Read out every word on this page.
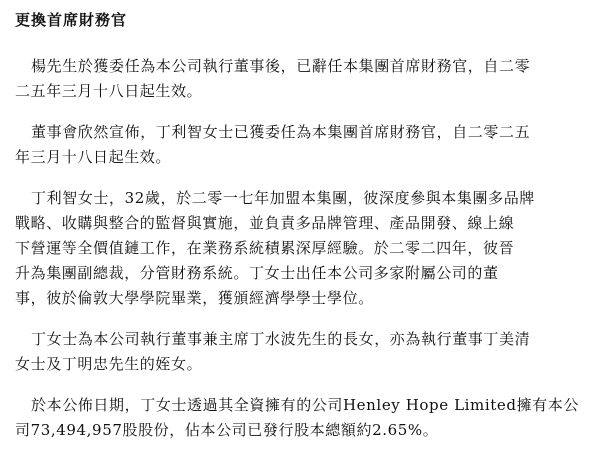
更換首席財務官
楊先生於獲委任為本公司執行董事後，已辭任本集團首席財務官，自二零
二五年三月十八日起生效。
董事會欣然宣佈，丁利智女士已獲委任為本集團首席財務官，自二零二五
年三月十八日起生效。
丁利智女士，32歲，於二零一七年加盟本集團，彼深度參與本集團多品牌
戰略、收購與整合的監督與實施，並負責多品牌管理、產品開發、線上線
下營運等全價值鏈工作，在業務系統積累深厚經驗。於二零二四年，彼晉
升為集團副總裁，分管財務系統。丁女士出任本公司多家附屬公司的董
事，彼於倫敦大學學院畢業，獲頒經濟學學士學位。
丁女士為本公司執行董事兼主席丁水波先生的長女，亦為執行董事丁美清
女士及丁明忠先生的姪女。
於本公佈日期，丁女士透過其全資擁有的公司Henley Hope Limited擁有本公
司73,494,957股股份，佔本公司已發行股本總額約2.65%。
